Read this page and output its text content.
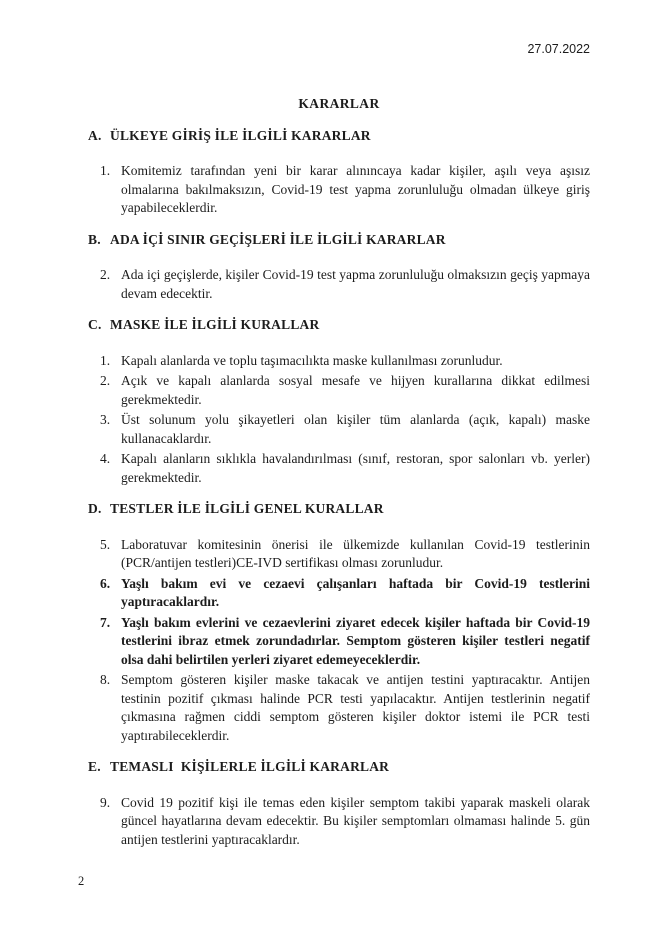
27.07.2022
KARARLAR
A. ÜLKEYE GİRİŞ İLE İLGİLİ KARARLAR
1. Komitemiz tarafından yeni bir karar alınıncaya kadar kişiler, aşılı veya aşısız olmalarına bakılmaksızın, Covid-19 test yapma zorunluluğu olmadan ülkeye giriş yapabileceklerdir.
B. ADA İÇİ SINIR GEÇİŞLERİ İLE İLGİLİ KARARLAR
2. Ada içi geçişlerde, kişiler Covid-19 test yapma zorunluluğu olmaksızın geçiş yapmaya devam edecektir.
C. MASKE İLE İLGİLİ KURALLAR
1. Kapalı alanlarda ve toplu taşımacılıkta maske kullanılması zorunludur.
2. Açık ve kapalı alanlarda sosyal mesafe ve hijyen kurallarına dikkat edilmesi gerekmektedir.
3. Üst solunum yolu şikayetleri olan kişiler tüm alanlarda (açık, kapalı) maske kullanacaklardır.
4. Kapalı alanların sıklıkla havalandırılması (sınıf, restoran, spor salonları vb. yerler) gerekmektedir.
D. TESTLER İLE İLGİLİ GENEL KURALLAR
5. Laboratuvar komitesinin önerisi ile ülkemizde kullanılan Covid-19 testlerinin (PCR/antijen testleri)CE-IVD sertifikası olması zorunludur.
6. Yaşlı bakım evi ve cezaevi çalışanları haftada bir Covid-19 testlerini yaptıracaklardır.
7. Yaşlı bakım evlerini ve cezaevlerini ziyaret edecek kişiler haftada bir Covid-19 testlerini ibraz etmek zorundadırlar. Semptom gösteren kişiler testleri negatif olsa dahi belirtilen yerleri ziyaret edemeyeceklerdir.
8. Semptom gösteren kişiler maske takacak ve antijen testini yaptıracaktır. Antijen testinin pozitif çıkması halinde PCR testi yapılacaktır. Antijen testlerinin negatif çıkmasına rağmen ciddi semptom gösteren kişiler doktor istemi ile PCR testi yaptırabileceklerdir.
E. TEMASLI  KİŞİLERLE İLGİLİ KARARLAR
9. Covid 19 pozitif kişi ile temas eden kişiler semptom takibi yaparak maskeli olarak güncel hayatlarına devam edecektir. Bu kişiler semptomları olmaması halinde 5. gün antijen testlerini yaptıracaklardır.
2
